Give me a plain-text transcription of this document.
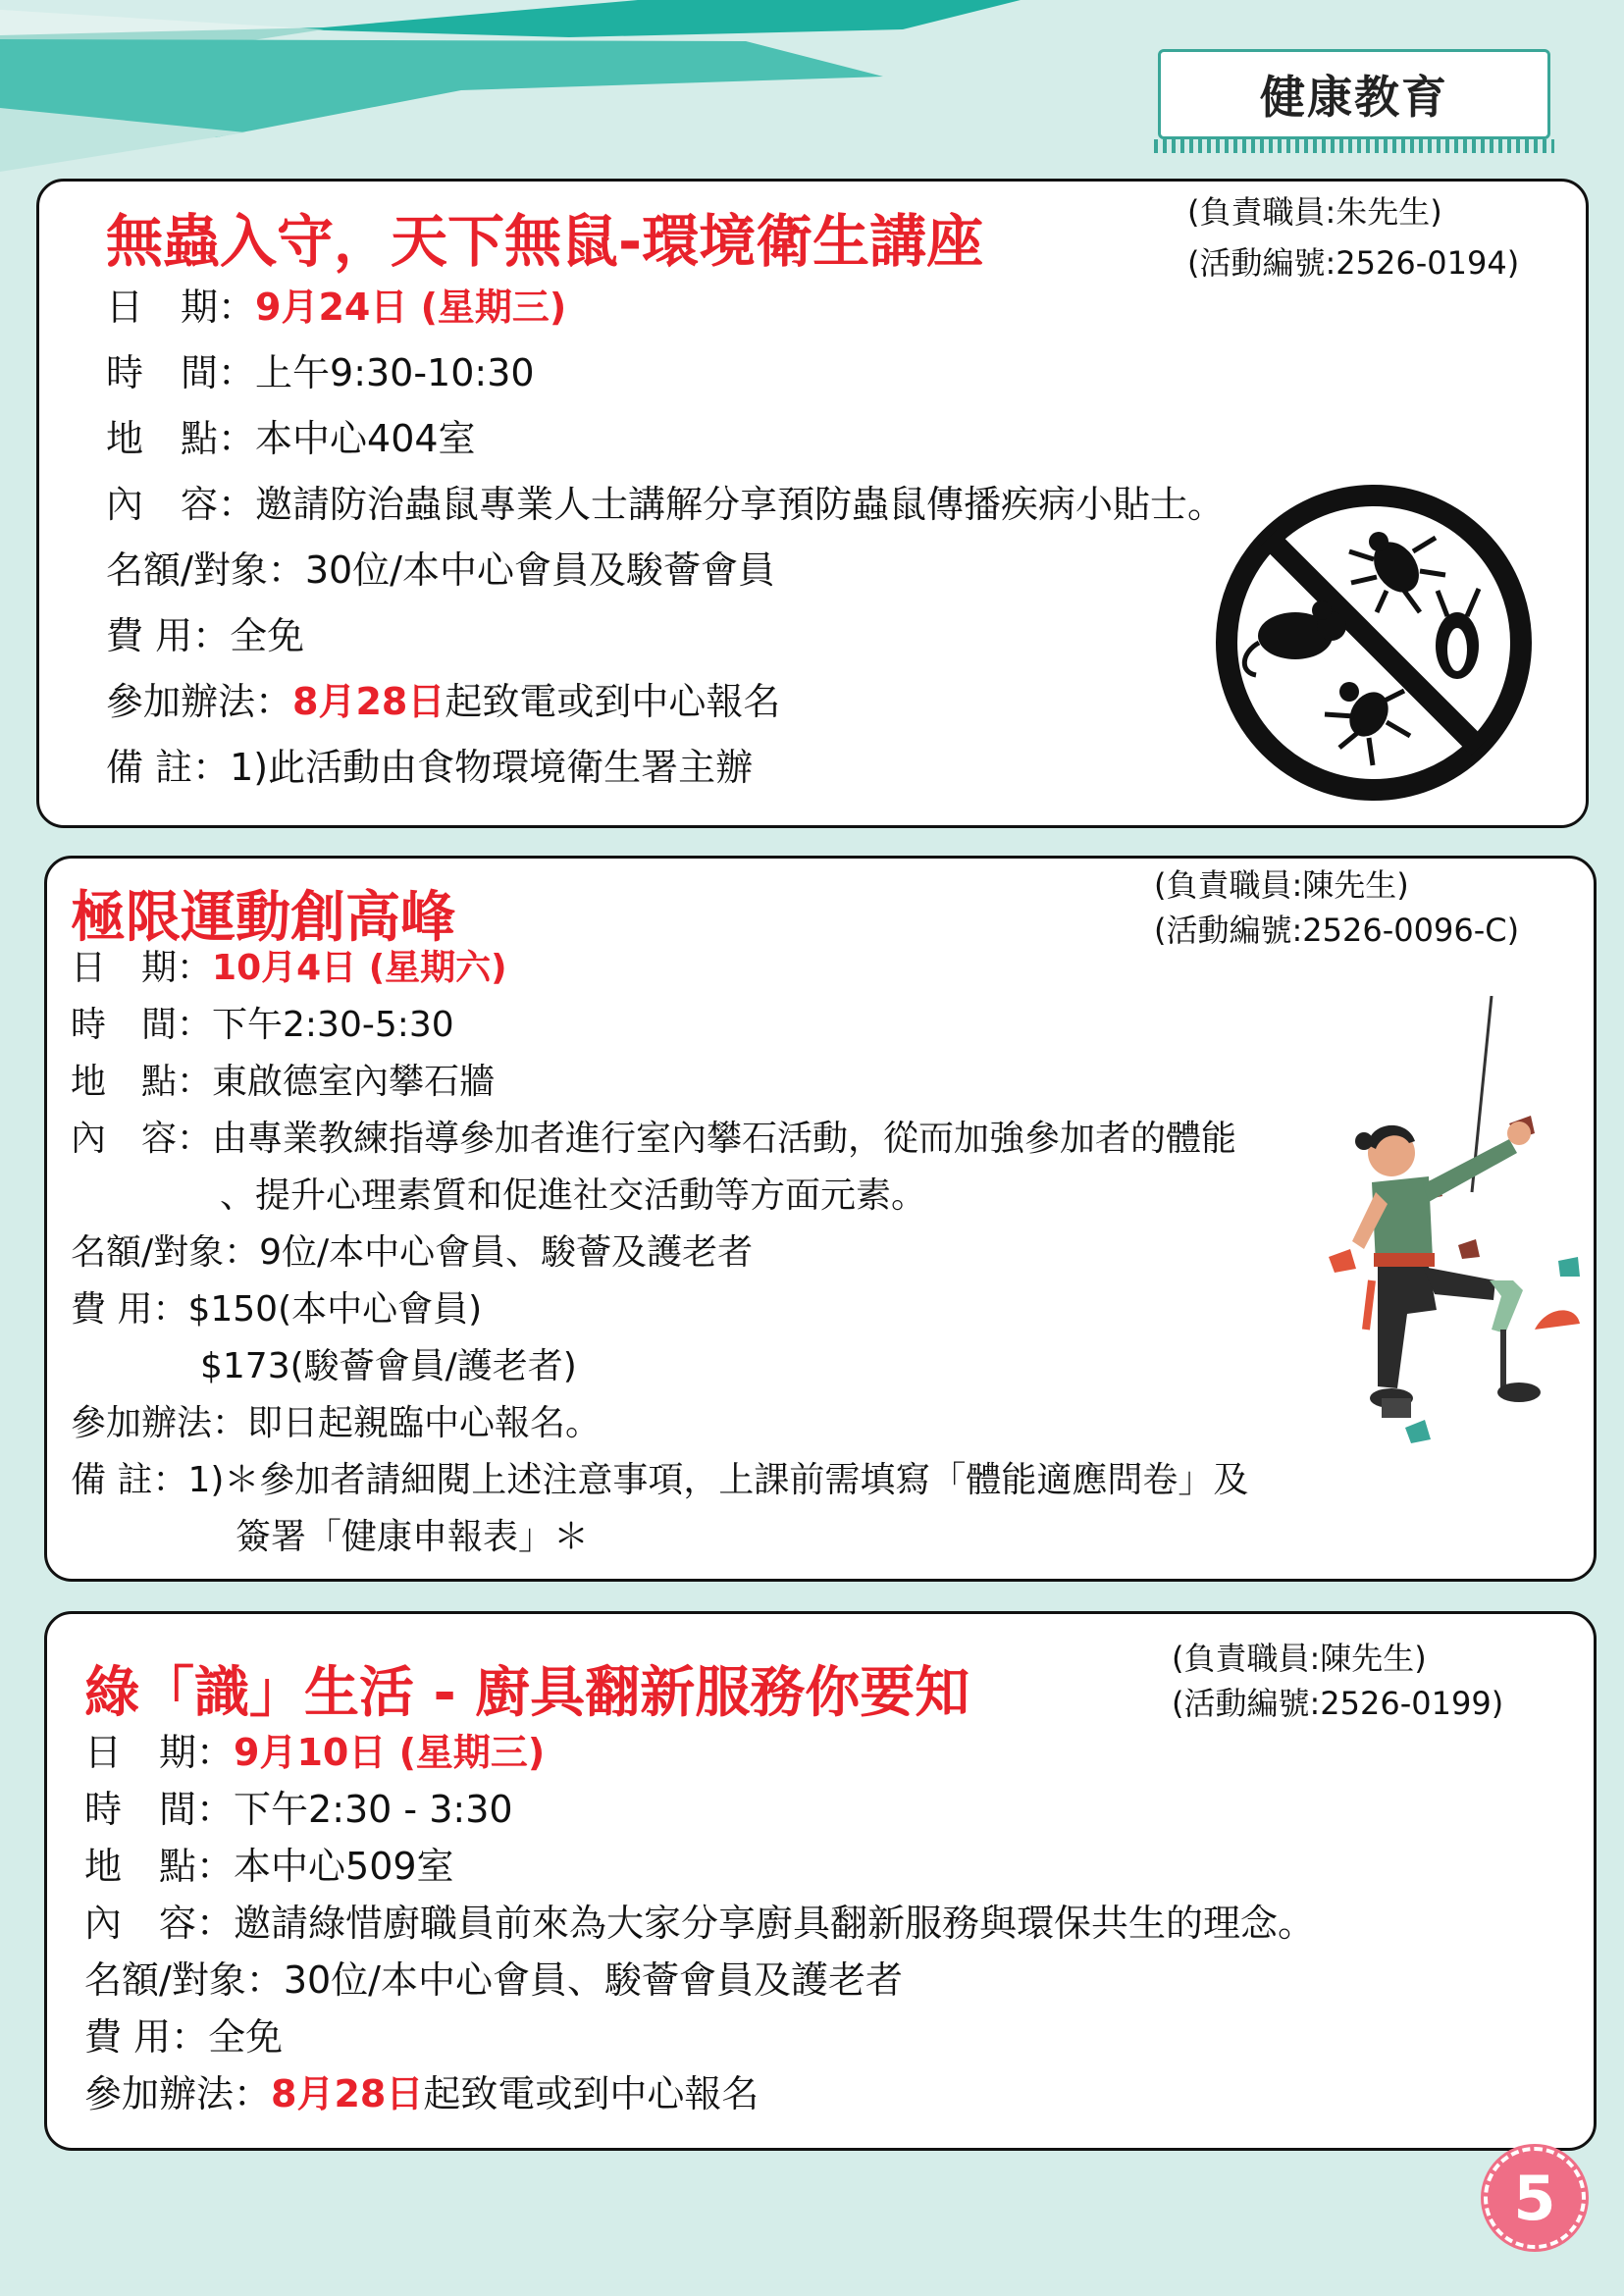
健康教育
無蟲入守，天下無鼠-環境衛生講座	(負責職員:朱先生)
(活動編號:2526-0194)
日　期：9月24日 (星期三)
時　間：上午9:30-10:30
地　點：本中心404室
內　容：邀請防治蟲鼠專業人士講解分享預防蟲鼠傳播疾病小貼士。
名額/對象：30位/本中心會員及駿薈會員
費 用：全免
參加辦法：8月28日起致電或到中心報名
備 註：1)此活動由食物環境衛生署主辦
極限運動創高峰
(負責職員:陳先生)
(活動編號:2526-0096-C)
日　期：10月4日 (星期六)
時　間：下午2:30-5:30
地　點：東啟德室內攀石牆
內　容：由專業教練指導參加者進行室內攀石活動，從而加強參加者的體能
、提升心理素質和促進社交活動等方面元素。
名額/對象：9位/本中心會員、駿薈及護老者
費 用：$150(本中心會員)
$173(駿薈會員/護老者)
參加辦法：即日起親臨中心報名。
備 註：1)＊參加者請細閱上述注意事項，上課前需填寫「體能適應問卷」及
簽署「健康申報表」＊
綠「識」生活 - 廚具翻新服務你要知
(負責職員:陳先生)
(活動編號:2526-0199)
日　期：9月10日 (星期三)
時　間：下午2:30 - 3:30
地　點：本中心509室
內　容：邀請綠惜廚職員前來為大家分享廚具翻新服務與環保共生的理念。
名額/對象：30位/本中心會員、駿薈會員及護老者
費 用：全免
參加辦法：8月28日起致電或到中心報名
5
